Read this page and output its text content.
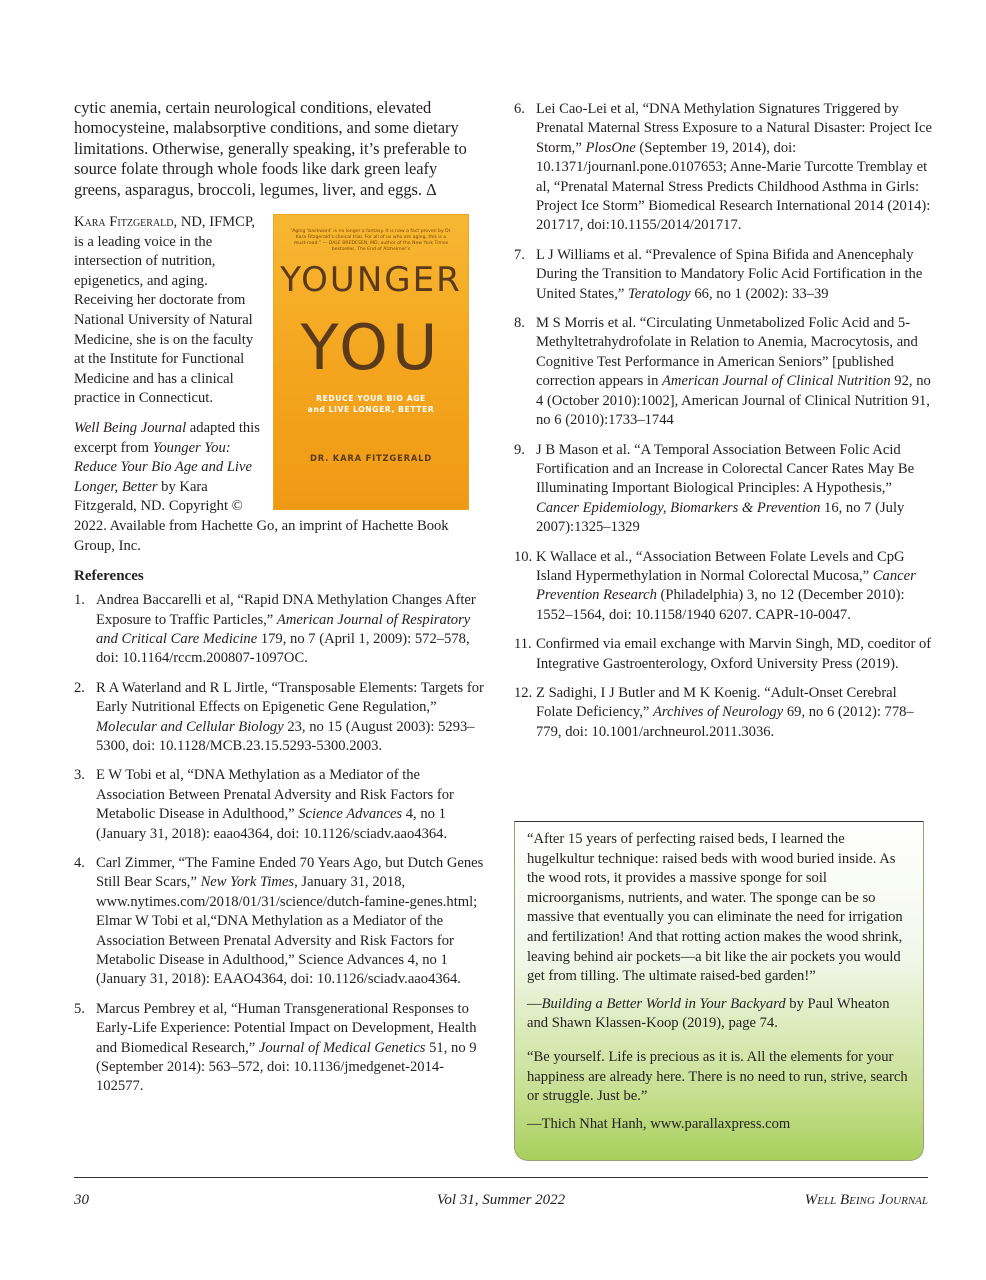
cytic anemia, certain neurological conditions, elevated homocysteine, malabsorptive conditions, and some dietary limitations. Otherwise, generally speaking, it’s preferable to source folate through whole foods like dark green leafy greens, asparagus, broccoli, legumes, liver, and eggs. Δ

“Aging ‘backward’ is no longer a fantasy. It is now a fact proven by Dr. Kara Fitzgerald’s clinical trial. For all of us who are aging, this is a must-read.” — DALE BREDESEN, MD, author of the New York Times bestseller, The End of Alzheimer’s
YOUNGER
YOU
REDUCE YOUR BIO AGE
and LIVE LONGER, BETTER
DR. KARA FITZGERALD

Kara Fitzgerald, ND, IFMCP, is a leading voice in the intersection of nutrition, epigenetics, and aging. Receiving her doctorate from National University of Natural Medicine, she is on the faculty at the Institute for Functional Medicine and has a clinical practice in Connecticut.

Well Being Journal adapted this excerpt from Younger You: Reduce Your Bio Age and Live Longer, Better by Kara Fitzgerald, ND. Copyright © 2022. Available from Hachette Go, an imprint of Hachette Book Group, Inc.

References
1. Andrea Baccarelli et al, “Rapid DNA Methylation Changes After Exposure to Traffic Particles,” American Journal of Respiratory and Critical Care Medicine 179, no 7 (April 1, 2009): 572–578, doi: 10.1164/rccm.200807-1097OC.
2. R A Waterland and R L Jirtle, “Transposable Elements: Targets for Early Nutritional Effects on Epigenetic Gene Regulation,” Molecular and Cellular Biology 23, no 15 (August 2003): 5293–5300, doi: 10.1128/MCB.23.15.5293-5300.2003.
3. E W Tobi et al, “DNA Methylation as a Mediator of the Association Between Prenatal Adversity and Risk Factors for Metabolic Disease in Adulthood,” Science Advances 4, no 1 (January 31, 2018): eaao4364, doi: 10.1126/sciadv.aao4364.
4. Carl Zimmer, “The Famine Ended 70 Years Ago, but Dutch Genes Still Bear Scars,” New York Times, January 31, 2018, www.nytimes.com/2018/01/31/science/dutch-famine-genes.html; Elmar W Tobi et al,“DNA Methylation as a Mediator of the Association Between Prenatal Adversity and Risk Factors for Metabolic Disease in Adulthood,” Science Advances 4, no 1 (January 31, 2018): EAAO4364, doi: 10.1126/sciadv.aao4364.
5. Marcus Pembrey et al, “Human Transgenerational Responses to Early-Life Experience: Potential Impact on Development, Health and Biomedical Research,” Journal of Medical Genetics 51, no 9 (September 2014): 563–572, doi: 10.1136/jmedgenet-2014-102577.
6. Lei Cao-Lei et al, “DNA Methylation Signatures Triggered by Prenatal Maternal Stress Exposure to a Natural Disaster: Project Ice Storm,” PlosOne (September 19, 2014), doi: 10.1371/journanl.pone.0107653; Anne-Marie Turcotte Tremblay et al, “Prenatal Maternal Stress Predicts Childhood Asthma in Girls: Project Ice Storm” Biomedical Research International 2014 (2014): 201717, doi:10.1155/2014/201717.
7. L J Williams et al. “Prevalence of Spina Bifida and Anencephaly During the Transition to Mandatory Folic Acid Fortification in the United States,” Teratology 66, no 1 (2002): 33–39
8. M S Morris et al. “Circulating Unmetabolized Folic Acid and 5-Methyltetrahydrofolate in Relation to Anemia, Macrocytosis, and Cognitive Test Performance in American Seniors” [published correction appears in American Journal of Clinical Nutrition 92, no 4 (October 2010):1002], American Journal of Clinical Nutrition 91, no 6 (2010):1733–1744
9. J B Mason et al. “A Temporal Association Between Folic Acid Fortification and an Increase in Colorectal Cancer Rates May Be Illuminating Important Biological Principles: A Hypothesis,” Cancer Epidemiology, Biomarkers & Prevention 16, no 7 (July 2007):1325–1329
10. K Wallace et al., “Association Between Folate Levels and CpG Island Hypermethylation in Normal Colorectal Mucosa,” Cancer Prevention Research (Philadelphia) 3, no 12 (December 2010): 1552–1564, doi: 10.1158/1940 6207. CAPR-10-0047.
11. Confirmed via email exchange with Marvin Singh, MD, coeditor of Integrative Gastroenterology, Oxford University Press (2019).
12. Z Sadighi, I J Butler and M K Koenig. “Adult-Onset Cerebral Folate Deficiency,” Archives of Neurology 69, no 6 (2012): 778–779, doi: 10.1001/archneurol.2011.3036.

“After 15 years of perfecting raised beds, I learned the hugelkultur technique: raised beds with wood buried inside. As the wood rots, it provides a massive sponge for soil microorganisms, nutrients, and water. The sponge can be so massive that eventually you can eliminate the need for irrigation and fertilization! And that rotting action makes the wood shrink, leaving behind air pockets—a bit like the air pockets you would get from tilling. The ultimate raised-bed garden!”

—Building a Better World in Your Backyard by Paul Wheaton and Shawn Klassen-Koop (2019), page 74.

“Be yourself. Life is precious as it is. All the elements for your happiness are already here. There is no need to run, strive, search or struggle. Just be.”

—Thich Nhat Hanh, www.parallaxpress.com

30	Vol 31, Summer 2022	Well Being Journal
